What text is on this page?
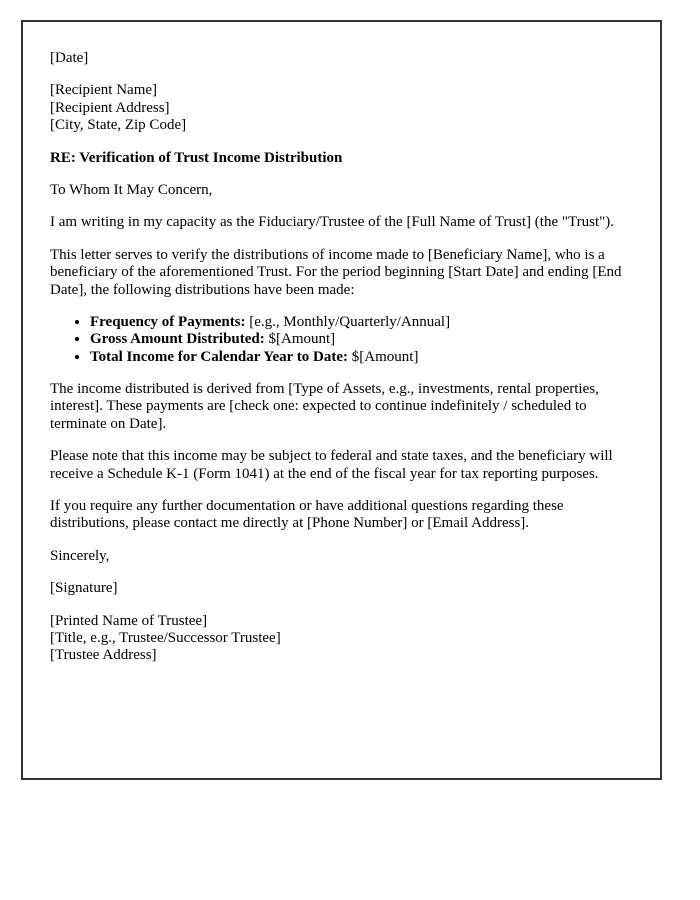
[Date]

[Recipient Name]
[Recipient Address]
[City, State, Zip Code]

RE: Verification of Trust Income Distribution

To Whom It May Concern,

I am writing in my capacity as the Fiduciary/Trustee of the [Full Name of Trust] (the "Trust").

This letter serves to verify the distributions of income made to [Beneficiary Name], who is a beneficiary of the aforementioned Trust. For the period beginning [Start Date] and ending [End Date], the following distributions have been made:

• Frequency of Payments: [e.g., Monthly/Quarterly/Annual]
• Gross Amount Distributed: $[Amount]
• Total Income for Calendar Year to Date: $[Amount]

The income distributed is derived from [Type of Assets, e.g., investments, rental properties, interest]. These payments are [check one: expected to continue indefinitely / scheduled to terminate on Date].

Please note that this income may be subject to federal and state taxes, and the beneficiary will receive a Schedule K-1 (Form 1041) at the end of the fiscal year for tax reporting purposes.

If you require any further documentation or have additional questions regarding these distributions, please contact me directly at [Phone Number] or [Email Address].

Sincerely,

[Signature]

[Printed Name of Trustee]
[Title, e.g., Trustee/Successor Trustee]
[Trustee Address]
